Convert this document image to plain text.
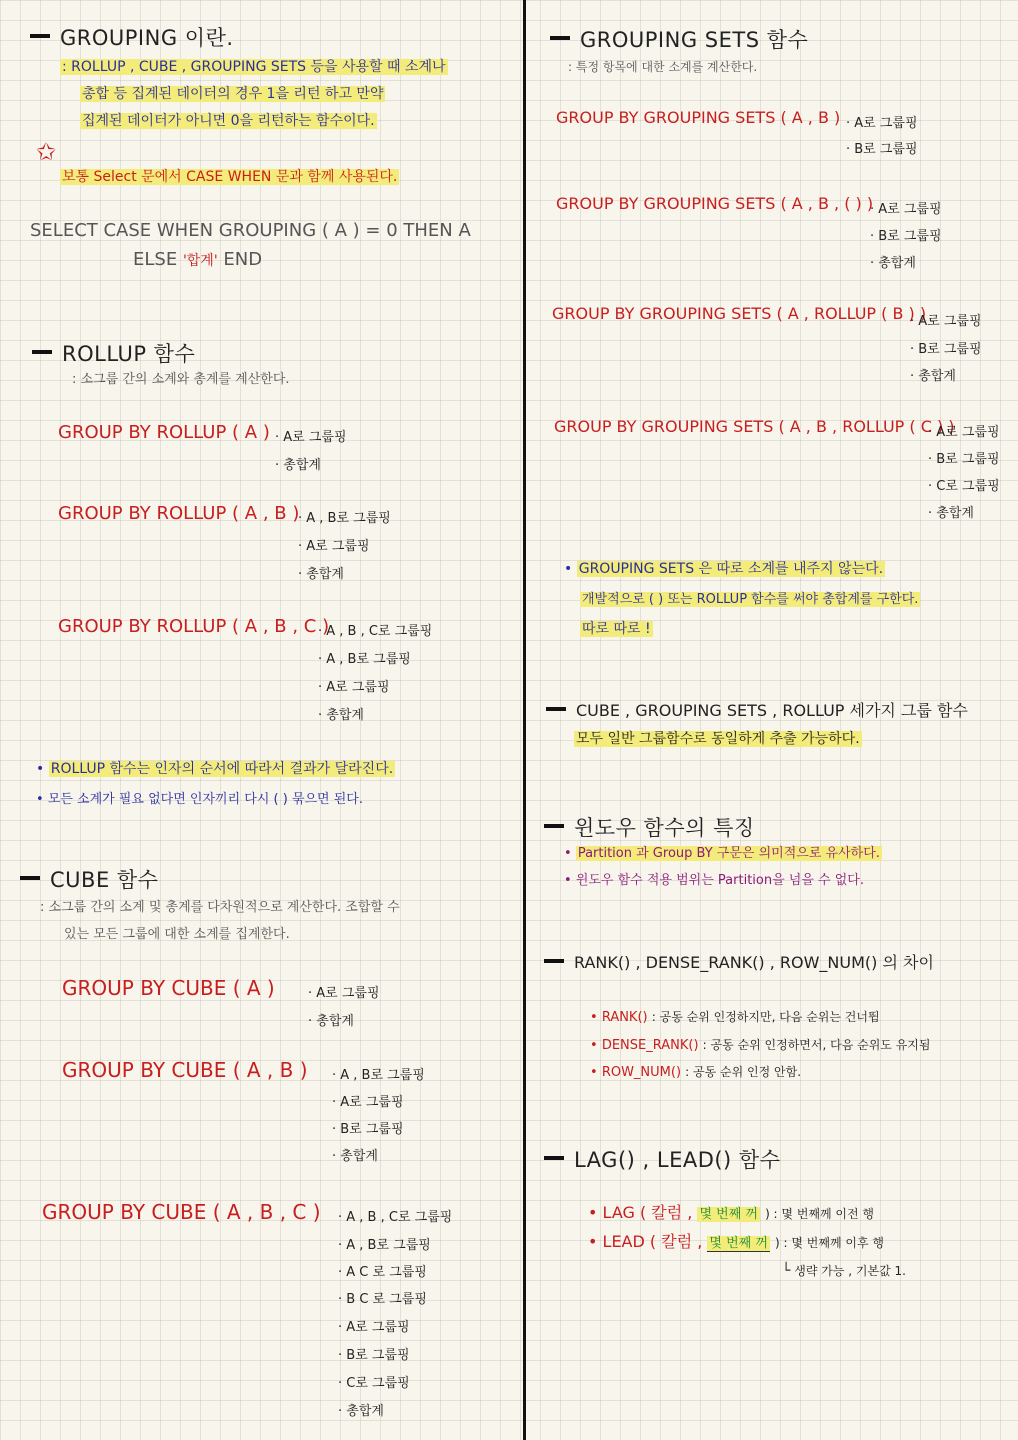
GROUPING 이란.
: ROLLUP , CUBE , GROUPING SETS 등을 사용할 때 소계나
총합 등 집계된 데이터의 경우 1을 리턴 하고 만약
집계된 데이터가 아니면 0을 리턴하는 함수이다.
✩
보통 Select 문에서 CASE WHEN 문과 함께 사용된다.
SELECT CASE WHEN GROUPING ( A ) = 0 THEN A
ELSE '합계' END
ROLLUP 함수
: 소그룹 간의 소계와 총계를 계산한다.
GROUP BY ROLLUP ( A ) · A로 그룹핑
· 총합계
GROUP BY ROLLUP ( A , B )
· A , B로 그룹핑
· A로 그룹핑
· 총합계
GROUP BY ROLLUP ( A , B , C )
· A , B , C로 그룹핑
· A , B로 그룹핑
· A로 그룹핑
· 총합계
• ROLLUP 함수는 인자의 순서에 따라서 결과가 달라진다.
• 모든 소계가 필요 없다면 인자끼리 다시 ( ) 묶으면 된다.
CUBE 함수
: 소그룹 간의 소계 및 총계를 다차원적으로 계산한다. 조합할 수
있는 모든 그룹에 대한 소계를 집계한다.
GROUP BY CUBE ( A )	· A로 그룹핑
· 총합계
GROUP BY CUBE ( A , B ) · A , B로 그룹핑
· A로 그룹핑
· B로 그룹핑
· 총합계
GROUP BY CUBE ( A , B , C ) · A , B , C로 그룹핑
· A , B로 그룹핑
· A C 로 그룹핑
· B C 로 그룹핑
· A로 그룹핑
· B로 그룹핑
· C로 그룹핑
· 총합계
GROUPING SETS 함수
: 특정 항목에 대한 소계를 계산한다.
GROUP BY GROUPING SETS ( A , B ) · A로 그룹핑
· B로 그룹핑
GROUP BY GROUPING SETS ( A , B , ( ) )
· A로 그룹핑
· B로 그룹핑
· 총합계
GROUP BY GROUPING SETS ( A , ROLLUP ( B ) )
· A로 그룹핑
· B로 그룹핑
· 총합계
GROUP BY GROUPING SETS ( A , B , ROLLUP ( C ) )
· A로 그룹핑
· B로 그룹핑
· C로 그룹핑
· 총합계
• GROUPING SETS 은 따로 소계를 내주지 않는다.
개발적으로 ( ) 또는 ROLLUP 함수를 써야 총합계를 구한다.
따로 따로 !
CUBE , GROUPING SETS , ROLLUP 세가지 그룹 함수
모두 일반 그룹함수로 동일하게 추출 가능하다.
윈도우 함수의 특징
• Partition 과 Group BY 구문은 의미적으로 유사하다.
• 윈도우 함수 적용 범위는 Partition을 넘을 수 없다.
RANK() , DENSE_RANK() , ROW_NUM() 의 차이
• RANK() : 공동 순위 인정하지만, 다음 순위는 건너뜀
• DENSE_RANK() : 공동 순위 인정하면서, 다음 순위도 유지됨
• ROW_NUM() : 공동 순위 인정 안함.
LAG() , LEAD() 함수
• LAG ( 칼럼 , 몇 번째 꺼 ) : 몇 번째께 이전 행
• LEAD ( 칼럼 , 몇 번째 꺼 ) : 몇 번째께 이후 행
└ 생략 가능 , 기본값 1.
